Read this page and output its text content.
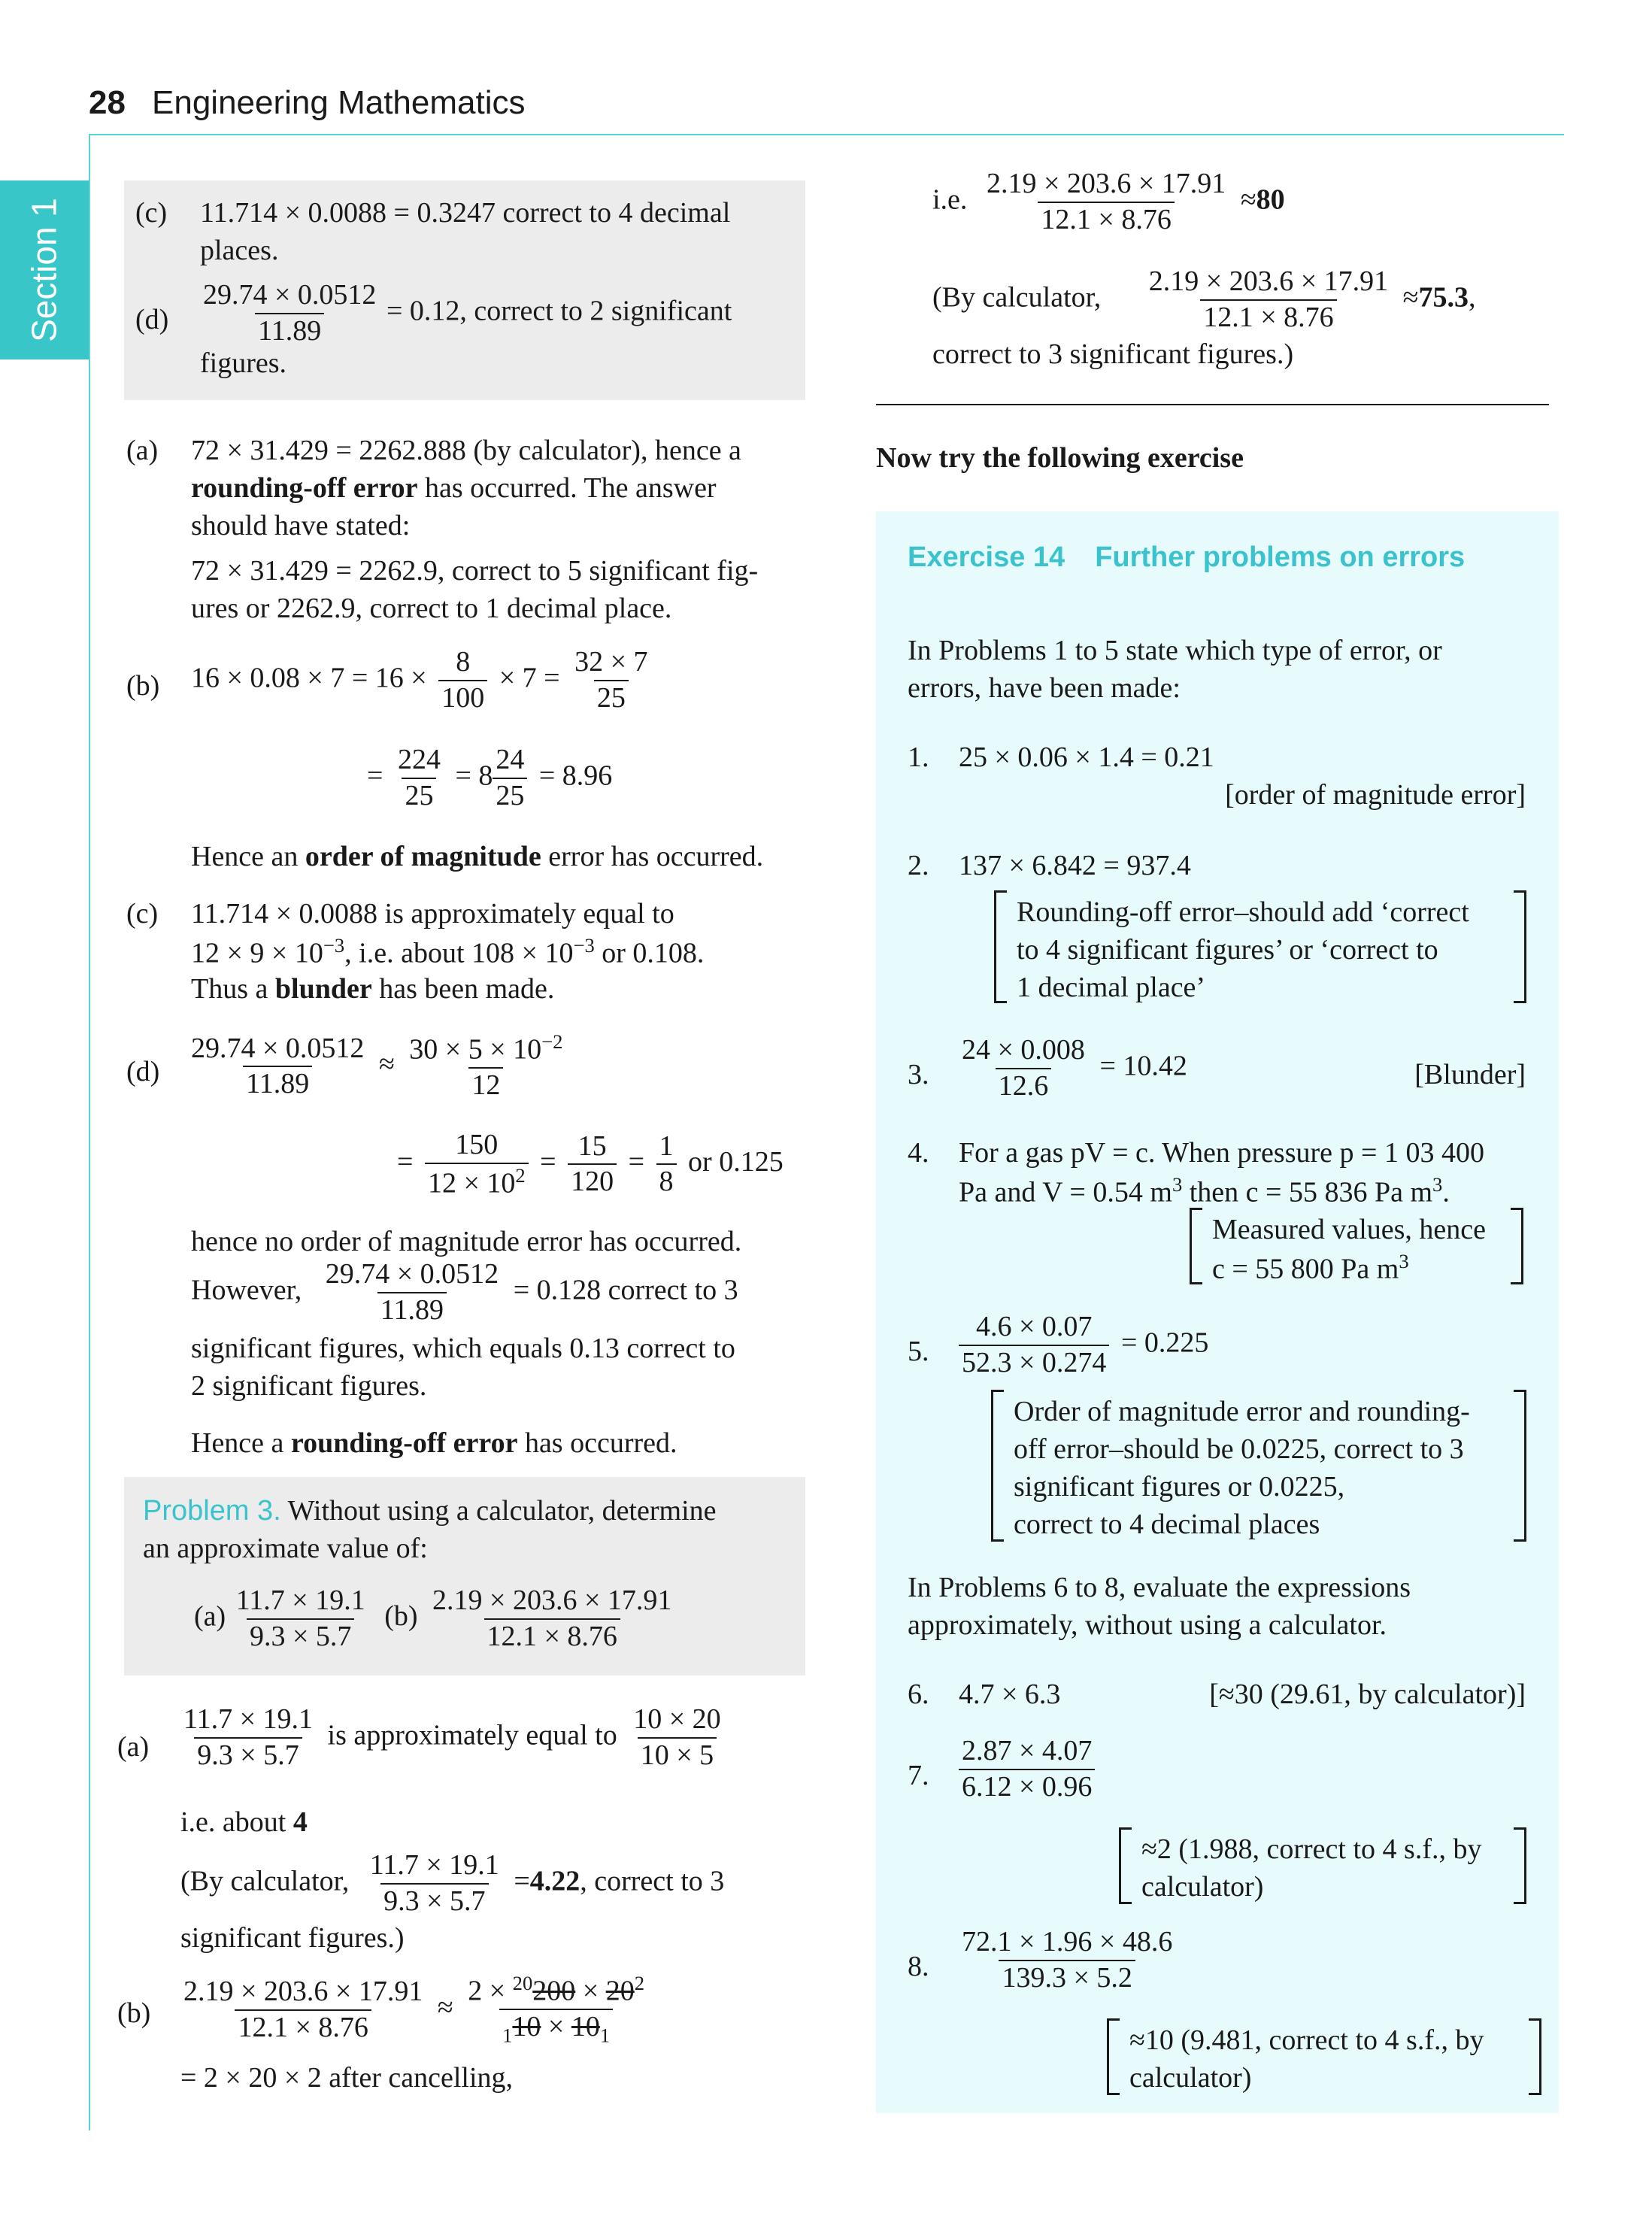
28 Engineering Mathematics
Section 1	(c) 11.714 × 0.0088 = 0.3247 correct to 4 decimal
places.
$(d) \frac{29.74 \times 0.0512}{11.89} = 0.12$, correct to 2 significant
figures.
(a) 72 × 31.429 = 2262.888 (by calculator), hence a
rounding-off error has occurred. The answer
should have stated:
72 × 31.429 = 2262.9, correct to 5 significant fig-
ures or 2262.9, correct to 1 decimal place.
(b) $16 \times 0.08 \times 7 = 16 \times \frac{8}{100} \times 7 = \frac{32 \times 7}{25}$
= $\frac{224}{25} = 8 \frac{24}{25} = 8.96$
Hence an order of magnitude error has occurred.
(c) 11.714 × 0.0088 is approximately equal to
$12 \times 9 \times 10^{-3}$, i.e. about $108 \times 10^{-3}$ or 0.108.
Thus a blunder has been made.
$(d) \frac{29.74 \times 0.0512}{11.89} \approx \frac{30 \times 5 \times 10^{-2}}{12}$
= $\frac{150}{12 \times 10^2} = \frac{15}{120} = \frac{1}{8}$ or 0.125
hence no order of magnitude error has occurred.
However, $\frac{29.74 \times 0.0512}{11.89} = 0.128$ correct to 3
significant figures, which equals 0.13 correct to
2 significant figures.
Hence a rounding-off error has occurred.
Problem 3. Without using a calculator, determine
an approximate value of:
$(a) \frac{11.7 \times 19.1}{9.3 \times 5.7} (b) \frac{2.19 \times 203.6 \times 17.91}{12.1 \times 8.76}$
$(a) \frac{11.7 \times 19.1}{9.3 \times 5.7}$ is approximately equal to $\frac{10 \times 20}{10 \times 5}$
i.e. about 4
(By calculator, $\frac{11.7 \times 19.1}{9.3 \times 5.7} =4.22$, correct to 3
significant figures.)
$(b) \frac{2.19 \times 203.6 \times 17.91}{12.1 \times 8.76} \approx \frac{2 \times ^{20}200 \times 20^2}{_110 \times 10_1}$
= 2 × 20 × 2 after cancelling,
i.e. $\frac{2.19 \times 203.6 \times 17.91}{12.1 \times 8.76} \approx 80$
(By calculator, $\frac{2.19 \times 203.6 \times 17.91}{12.1 \times 8.76} \approx 75.3$,
correct to 3 significant figures.)
Now try the following exercise
Exercise 14 Further problems on errors
In Problems 1 to 5 state which type of error, or
errors, have been made:
1. 25 × 0.06 × 1.4 = 0.21
[order of magnitude error]
2. 137 × 6.842 = 937.4
Rounding-off error–should add ‘correct
to 4 significant figures’ or ‘correct to
1 decimal place’
3. $\frac{24 \times 0.008}{12.6} = 10.42$	[Blunder]
4. For a gas pV = c. When pressure p = 1 03 400
Pa and V = 0.54 $m^3$ then c = 55 836 Pa $m^3$.
Measured values, hence
c = 55 800 Pa $m^3$
5. $\frac{4.6 \times 0.07}{52.3 \times 0.274} = 0.225$
Order of magnitude error and rounding-
off error–should be 0.0225, correct to 3
significant figures or 0.0225,
correct to 4 decimal places
In Problems 6 to 8, evaluate the expressions
approximately, without using a calculator.
6. 4.7 × 6.3	[≈30 (29.61, by calculator)]
7. $\frac{2.87 \times 4.07}{6.12 \times 0.96}$
≈2 (1.988, correct to 4 s.f., by
calculator)
8. $\frac{72.1 \times 1.96 \times 48.6}{139.3 \times 5.2}$
≈10 (9.481, correct to 4 s.f., by
calculator)
